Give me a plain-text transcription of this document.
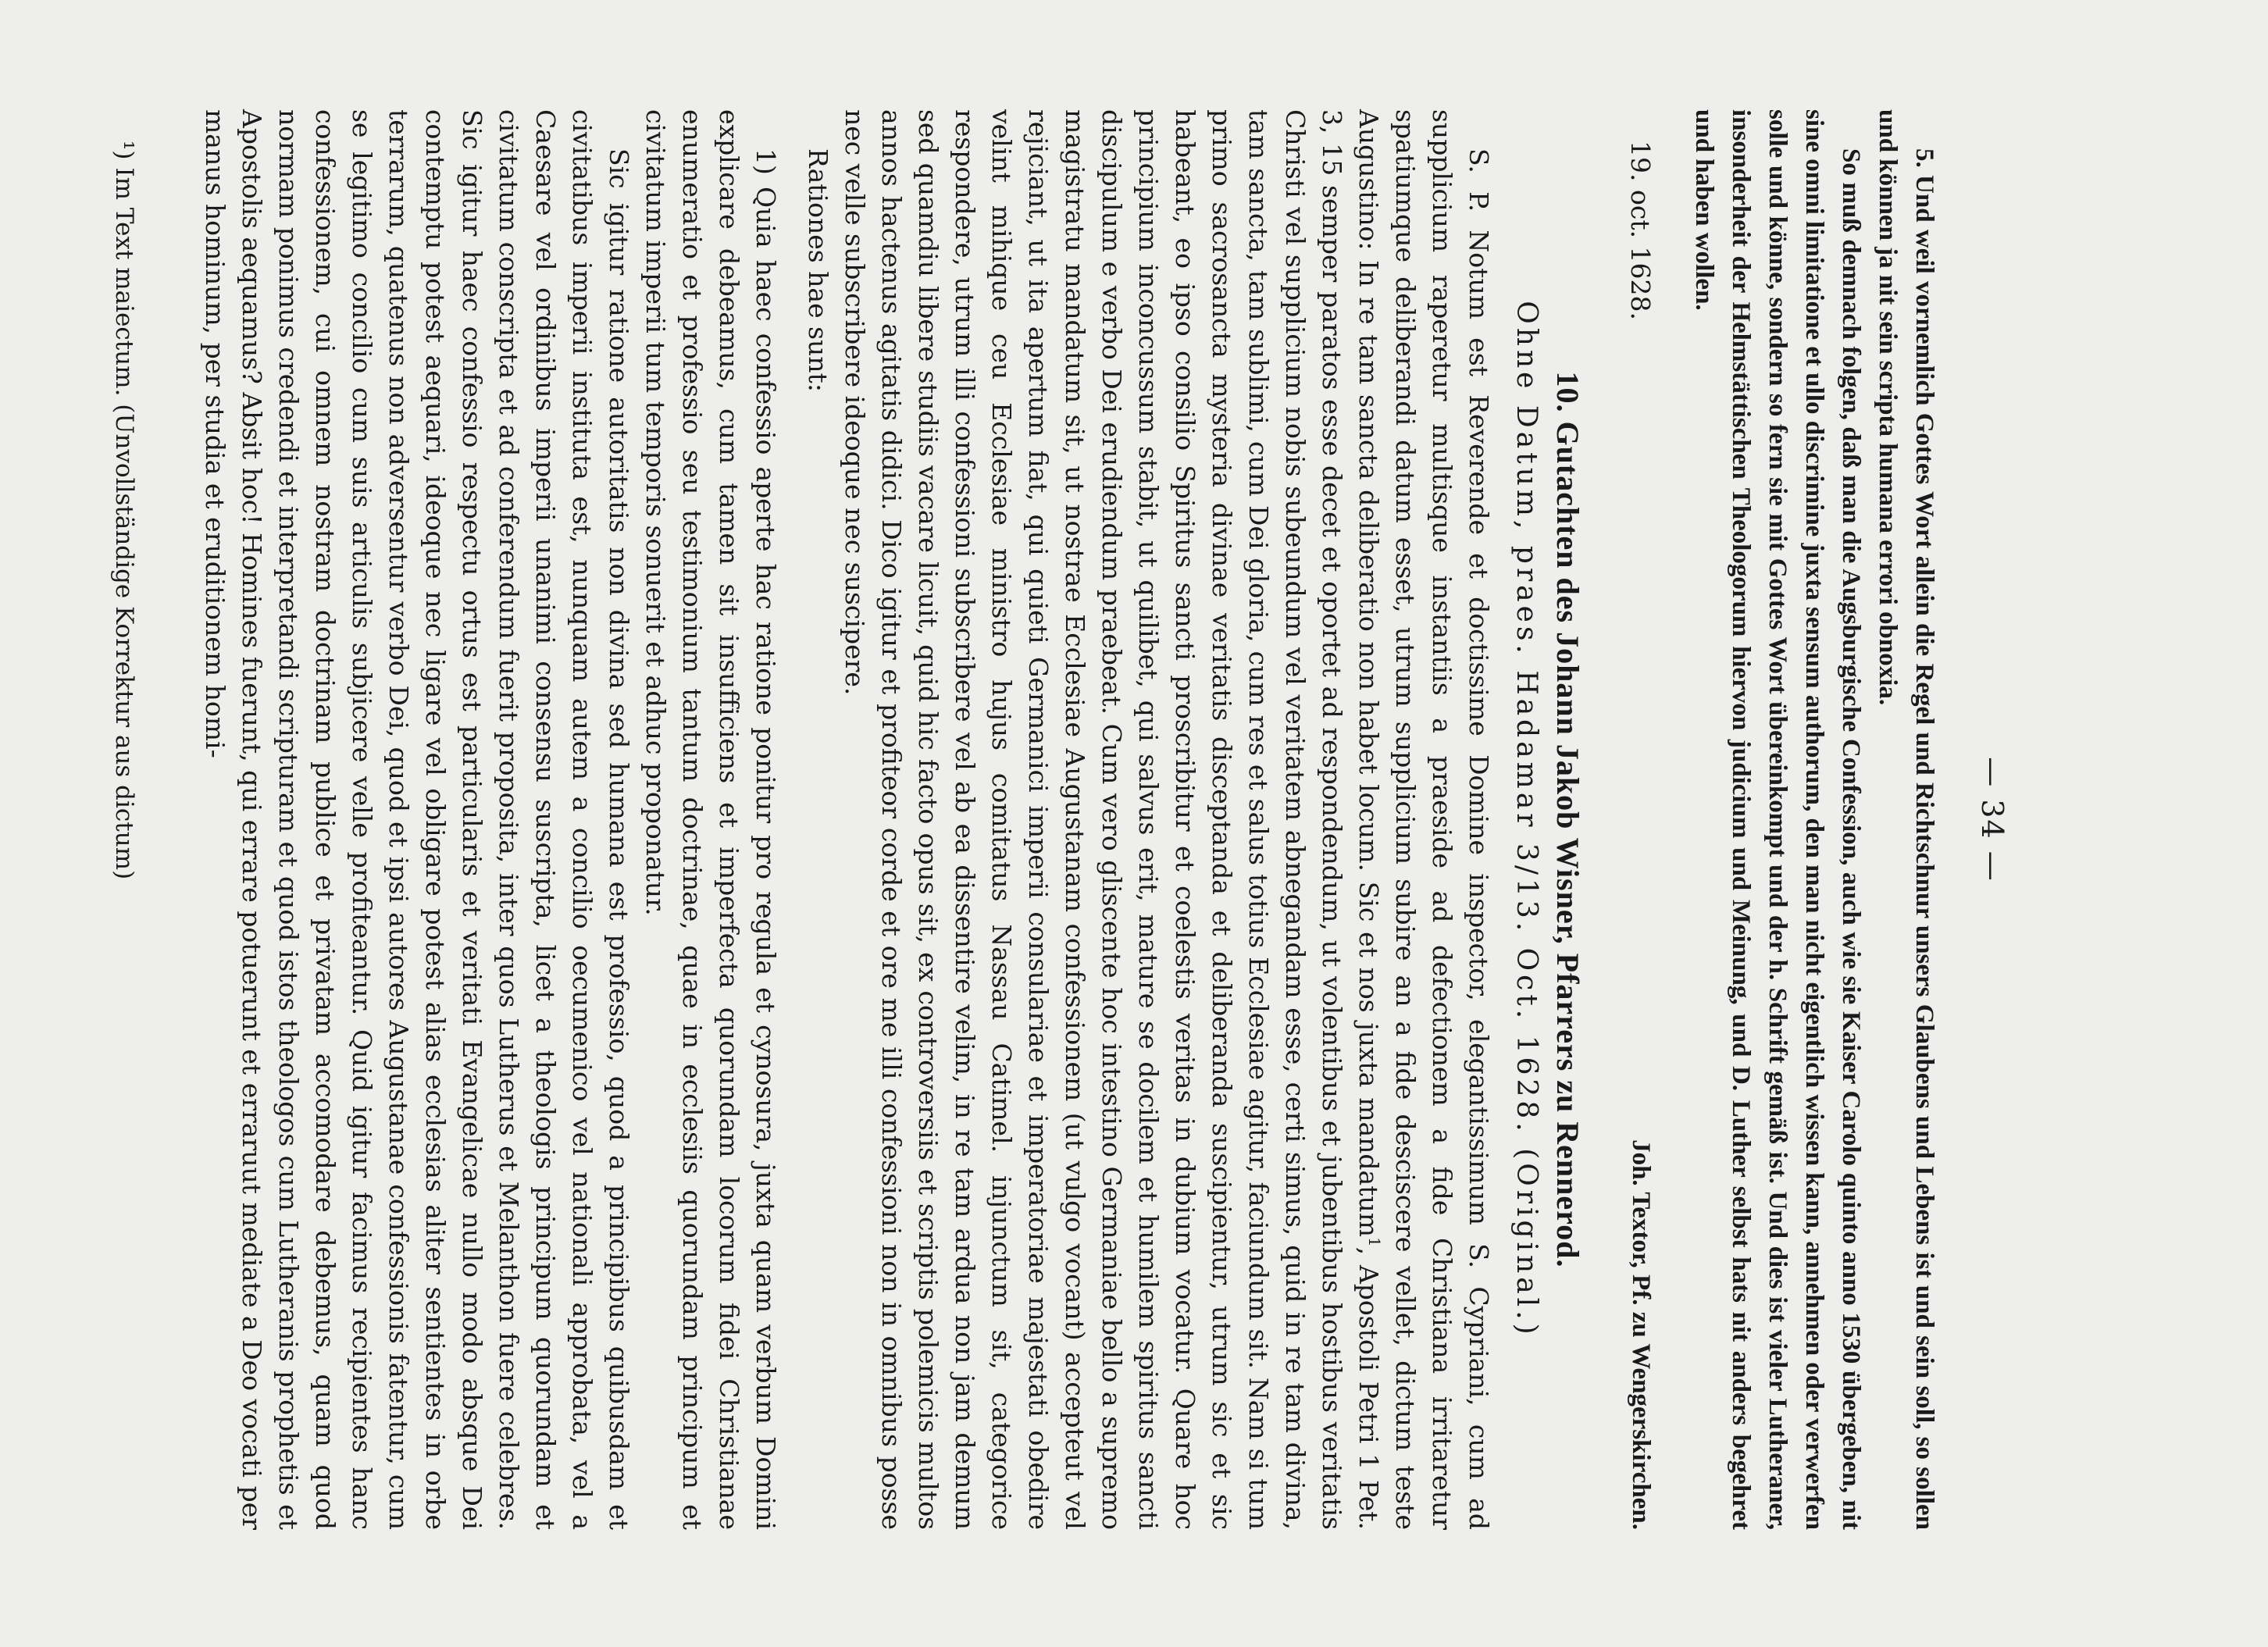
— 34 —

5. Und weil vornemlich Gottes Wort allein die Regel und Richtschnur unsers Glaubens und Lebens ist und sein soll, so sollen und können ja nit sein scripta humana errori obnoxia.

So muß demnach folgen, daß man die Augsburgische Confession, auch wie sie Kaiser Carolo quinto anno 1530 übergeben, nit sine omni limitatione et ullo discrimine juxta sensum authorum, den man nicht eigentlich wissen kann, annehmen oder verwerfen solle und könne, sondern so fern sie mit Gottes Wort übereinkompt und der h. Schrift gemäß ist. Und dies ist vieler Lutheraner, insonderheit der Helmstättischen Theologorum hiervon judicium und Meinung, und D. Luther selbst hats nit anders begehret und haben wollen.

19. oct. 1628.
Joh. Textor, Pf. zu Wengerskirchen.
10. Gutachten des Johann Jakob Wisner, Pfarrers zu Rennerod.
Ohne Datum, praes. Hadamar 3/13. Oct. 1628. (Original.)

S. P. Notum est Reverende et doctissime Domine inspector, elegantissimum S. Cypriani, cum ad supplicium raperetur multisque instantiis a praeside ad defectionem a fide Christiana irritaretur spatiumque deliberandi datum esset, utrum supplicium subire an a fide desciscere vellet, dictum teste Augustino: In re tam sancta deliberatio non habet locum. Sic et nos juxta mandatum$^1$, Apostoli Petri 1 Pet. 3, 15 semper paratos esse decet et oportet ad respondendum, ut volentibus et jubentibus hostibus veritatis Christi vel supplicium nobis subeundum vel veritatem abnegandam esse, certi simus, quid in re tam divina, tam sancta, tam sublimi, cum Dei gloria, cum res et salus totius Ecclesiae agitur, faciundum sit. Nam si tum primo sacrosancta mysteria divinae veritatis disceptanda et deliberanda suscipientur, utrum sic et sic habeant, eo ipso consilio Spiritus sancti proscribitur et coelestis veritas in dubium vocatur. Quare hoc principium inconcussum stabit, ut quilibet, qui salvus erit, mature se docilem et humilem spiritus sancti discipulum e verbo Dei erudiendum praebeat. Cum vero gliscente hoc intestino Germaniae bello a supremo magistratu mandatum sit, ut nostrae Ecclesiae Augustanam confessionem (ut vulgo vocant) accepteut vel rejiciant, ut ita apertum fiat, qui quieti Germanici imperii consulariae et imperatoriae majestati obedire velint mihique ceu Ecclesiae ministro hujus comitatus Nassau Catimel. injunctum sit, categorice respondere, utrum illi confessioni subscribere vel ab ea dissentire velim, in re tam ardua non jam demum sed quamdiu libere studiis vacare licuit, quid hic facto opus sit, ex controversiis et scriptis polemicis multos annos hactenus agitatis didici. Dico igitur et profiteor corde et ore me illi confessioni non in omnibus posse nec velle subscribere ideoque nec suscipere.

Rationes hae sunt:

1) Quia haec confessio aperte hac ratione ponitur pro regula et cynosura, juxta quam verbum Domini explicare debeamus, cum tamen sit insufficiens et imperfecta quorundam locorum fidei Christianae enumeratio et professio seu testimonium tantum doctrinae, quae in ecclesiis quorundam principum et civitatum imperii tum temporis sonuerit et adhuc proponatur.

Sic igitur ratione autoritatis non divina sed humana est professio, quod a principibus quibusdam et civitatibus imperii instituta est, nunquam autem a concilio oecumenico vel nationali approbata, vel a Caesare vel ordinibus imperii unanimi consensu suscripta, licet a theologis principum quorundam et civitatum conscripta et ad conferendum fuerit proposita, inter quos Lutherus et Melanthon fuere celebres. Sic igitur haec confessio respectu ortus est particularis et veritati Evangelicae nullo modo absque Dei contemptu potest aequari, ideoque nec ligare vel obligare potest alias ecclesias aliter sentientes in orbe terrarum, quatenus non adversentur verbo Dei, quod et ipsi autores Augustanae confessionis fatentur, cum se legitimo concilio cum suis articulis subjicere velle profiteantur. Quid igitur facimus recipientes hanc confessionem, cui omnem nostram doctrinam publice et privatam accomodare debemus, quam quod normam ponimus credendi et interpretandi scripturam et quod istos theologos cum Lutheranis prophetis et Apostolis aequamus? Absit hoc! Homines fuerunt, qui errare potuerunt et erraruut mediate a Deo vocati per manus hominum, per studia et eruditionem homi-

¹) Im Text maiectum. (Unvollständige Korrektur aus dictum)
